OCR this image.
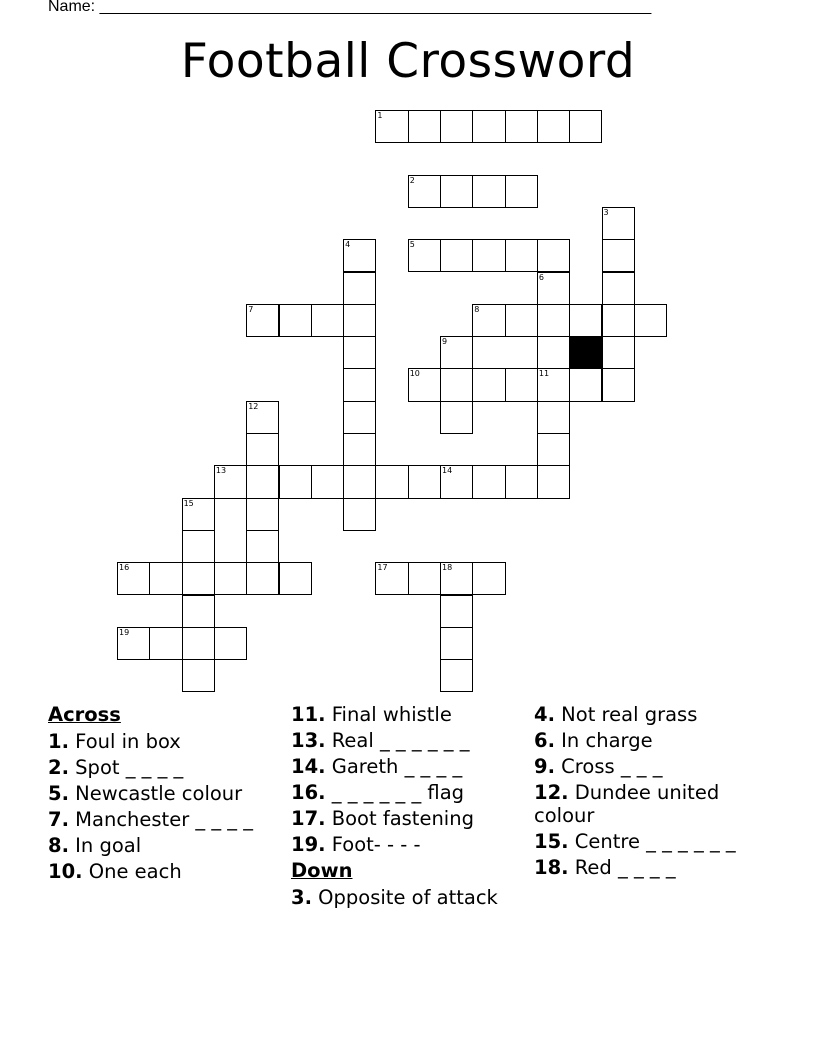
Name: ______________________________________________________________
Football Crossword
1
2
3
4	5
6
7	8
9
10	11
12
13	14
15
16	17	18
19
Across
1. Foul in box
2. Spot _ _ _ _
5. Newcastle colour
7. Manchester _ _ _ _
8. In goal
10. One each
11. Final whistle
13. Real _ _ _ _ _ _
14. Gareth _ _ _ _
16. _ _ _ _ _ _ flag
17. Boot fastening
19. Foot- - - -
Down
3. Opposite of attack
4. Not real grass
6. In charge
9. Cross _ _ _
12. Dundee united colour
15. Centre _ _ _ _ _ _
18. Red _ _ _ _
